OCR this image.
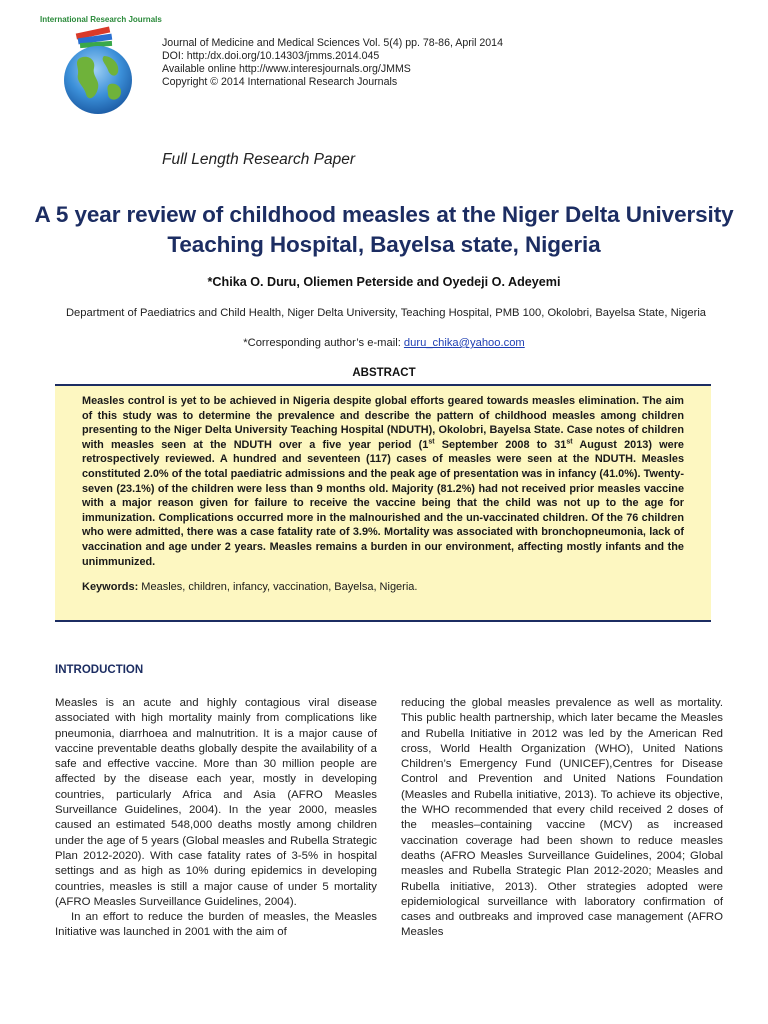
International Research Journals
Journal of Medicine and Medical Sciences Vol. 5(4) pp. 78-86, April 2014
DOI: http:/dx.doi.org/10.14303/jmms.2014.045
Available online http://www.interesjournals.org/JMMS
Copyright © 2014 International Research Journals
Full Length Research Paper
A 5 year review of childhood measles at the Niger Delta University Teaching Hospital, Bayelsa state, Nigeria
*Chika O. Duru, Oliemen Peterside and Oyedeji O. Adeyemi
Department of Paediatrics and Child Health, Niger Delta University, Teaching Hospital, PMB 100, Okolobri, Bayelsa State, Nigeria
*Corresponding author’s e-mail: duru_chika@yahoo.com
ABSTRACT

Measles control is yet to be achieved in Nigeria despite global efforts geared towards measles elimination. The aim of this study was to determine the prevalence and describe the pattern of childhood measles among children presenting to the Niger Delta University Teaching Hospital (NDUTH), Okolobri, Bayelsa State. Case notes of children with measles seen at the NDUTH over a five year period (1st September 2008 to 31st August 2013) were retrospectively reviewed. A hundred and seventeen (117) cases of measles were seen at the NDUTH. Measles constituted 2.0% of the total paediatric admissions and the peak age of presentation was in infancy (41.0%). Twenty-seven (23.1%) of the children were less than 9 months old. Majority (81.2%) had not received prior measles vaccine with a major reason given for failure to receive the vaccine being that the child was not up to the age for immunization. Complications occurred more in the malnourished and the un-vaccinated children. Of the 76 children who were admitted, there was a case fatality rate of 3.9%. Mortality was associated with bronchopneumonia, lack of vaccination and age under 2 years. Measles remains a burden in our environment, affecting mostly infants and the unimmunized.

Keywords: Measles, children, infancy, vaccination, Bayelsa, Nigeria.

INTRODUCTION

Measles is an acute and highly contagious viral disease associated with high mortality mainly from complications like pneumonia, diarrhoea and malnutrition. It is a major cause of vaccine preventable deaths globally despite the availability of a safe and effective vaccine. More than 30 million people are affected by the disease each year, mostly in developing countries, particularly Africa and Asia (AFRO Measles Surveillance Guidelines, 2004). In the year 2000, measles caused an estimated 548,000 deaths mostly among children under the age of 5 years (Global measles and Rubella Strategic Plan 2012-2020). With case fatality rates of 3-5% in hospital settings and as high as 10% during epidemics in developing countries, measles is still a major cause of under 5 mortality (AFRO Measles Surveillance Guidelines, 2004).

In an effort to reduce the burden of measles, the Measles Initiative was launched in 2001 with the aim of

reducing the global measles prevalence as well as mortality. This public health partnership, which later became the Measles and Rubella Initiative in 2012 was led by the American Red cross, World Health Organization (WHO), United Nations Children’s Emergency Fund (UNICEF),Centres for Disease Control and Prevention and United Nations Foundation (Measles and Rubella initiative, 2013). To achieve its objective, the WHO recommended that every child received 2 doses of the measles–containing vaccine (MCV) as increased vaccination coverage had been shown to reduce measles deaths (AFRO Measles Surveillance Guidelines, 2004; Global measles and Rubella Strategic Plan 2012-2020; Measles and Rubella initiative, 2013). Other strategies adopted were epidemiological surveillance with laboratory confirmation of cases and outbreaks and improved case management (AFRO Measles
